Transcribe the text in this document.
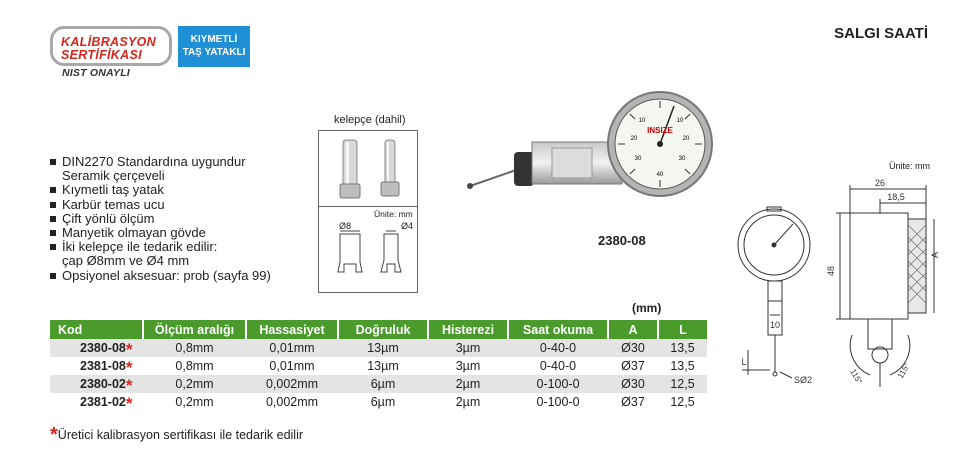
KALİBRASYON
SERTİFİKASI
NIST ONAYLI
KIYMETLİ
TAŞ YATAKLI
SALGI SAATİ
DIN2270 Standardına uygundur
Seramik çerçeveli
Kıymetli taş yatak
Karbür temas ucu
Çift yönlü ölçüm
Manyetik olmayan gövde
İki kelepçe ile tedarik edilir:
çap Ø8mm ve Ø4 mm
Opsiyonel aksesuar: prob (sayfa 99)
kelepçe (dahil)
Ünite: mm
Ø8	Ø4
INSIZE
10
20
30
40
10
20
30
2380-08
Ünite: mm
26
18,5
48
A
10
L
SØ2	115°	115°
(mm)
Kod	Ölçüm aralığı	Hassasiyet	Doğruluk	Histerezi	Saat okuma	A	L
2380-08*	0,8mm	0,01mm	13µm	3µm	0-40-0	Ø30	13,5
2381-08*	0,8mm	0,01mm	13µm	3µm	0-40-0	Ø37	13,5
2380-02*	0,2mm	0,002mm	6µm	2µm	0-100-0	Ø30	12,5
2381-02*	0,2mm	0,002mm	6µm	2µm	0-100-0	Ø37	12,5
*Üretici kalibrasyon sertifikası ile tedarik edilir
